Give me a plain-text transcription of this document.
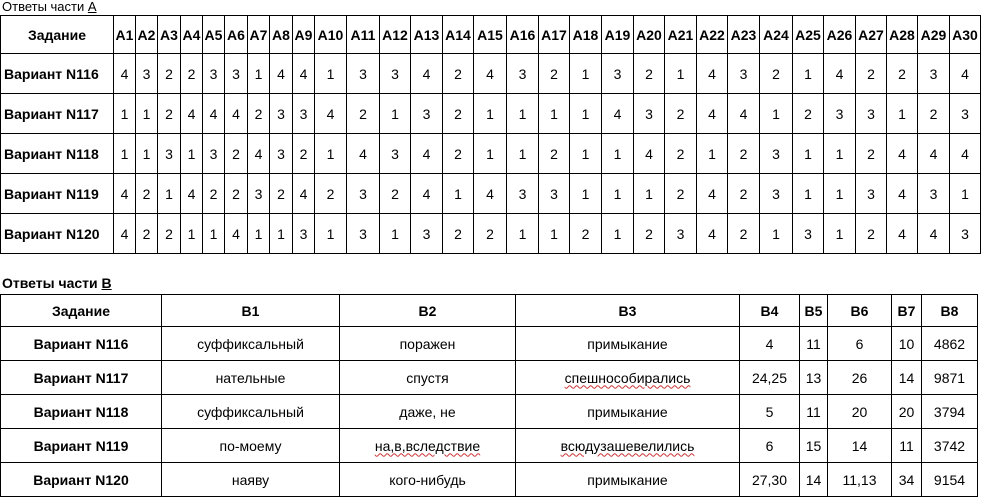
Ответы части А
Задание	A1	A2	A3	A4	A5	A6	A7	A8	A9	A10	A11	A12	A13	A14	A15	A16	A17	A18	A19	A20	A21	A22	A23	A24	A25	A26	A27	A28	A29	A30
Вариант N116	4	3	2	2	3	3	1	4	4	1	3	3	4	2	4	3	2	1	3	2	1	4	3	2	1	4	2	2	3	4
Вариант N117	1	1	2	4	4	4	2	3	3	4	2	1	3	2	1	1	1	1	4	3	2	4	4	1	2	3	3	1	2	3
Вариант N118	1	1	3	1	3	2	4	3	2	1	4	3	4	2	1	1	2	1	1	4	2	1	2	3	1	1	2	4	4	4
Вариант N119	4	2	1	4	2	2	3	2	4	2	3	2	4	1	4	3	3	1	1	1	2	4	2	3	1	1	3	4	3	1
Вариант N120	4	2	2	1	1	4	1	1	3	1	3	1	3	2	2	1	1	2	1	2	3	4	2	1	3	1	2	4	4	3
Ответы части В
Задание	В1	В2	В3	В4	В5	В6	В7	В8
Вариант N116	суффиксальный	поражен	примыкание	4	11	6	10	4862
Вариант N117	нательные	спустя	спешнособирались	24,25	13	26	14	9871
Вариант N118	суффиксальный	даже, не	примыкание	5	11	20	20	3794
Вариант N119	по-моему	на,в,вследствие	всюдузашевелились	6	15	14	11	3742
Вариант N120	наяву	кого-нибудь	примыкание	27,30	14	11,13	34	9154
